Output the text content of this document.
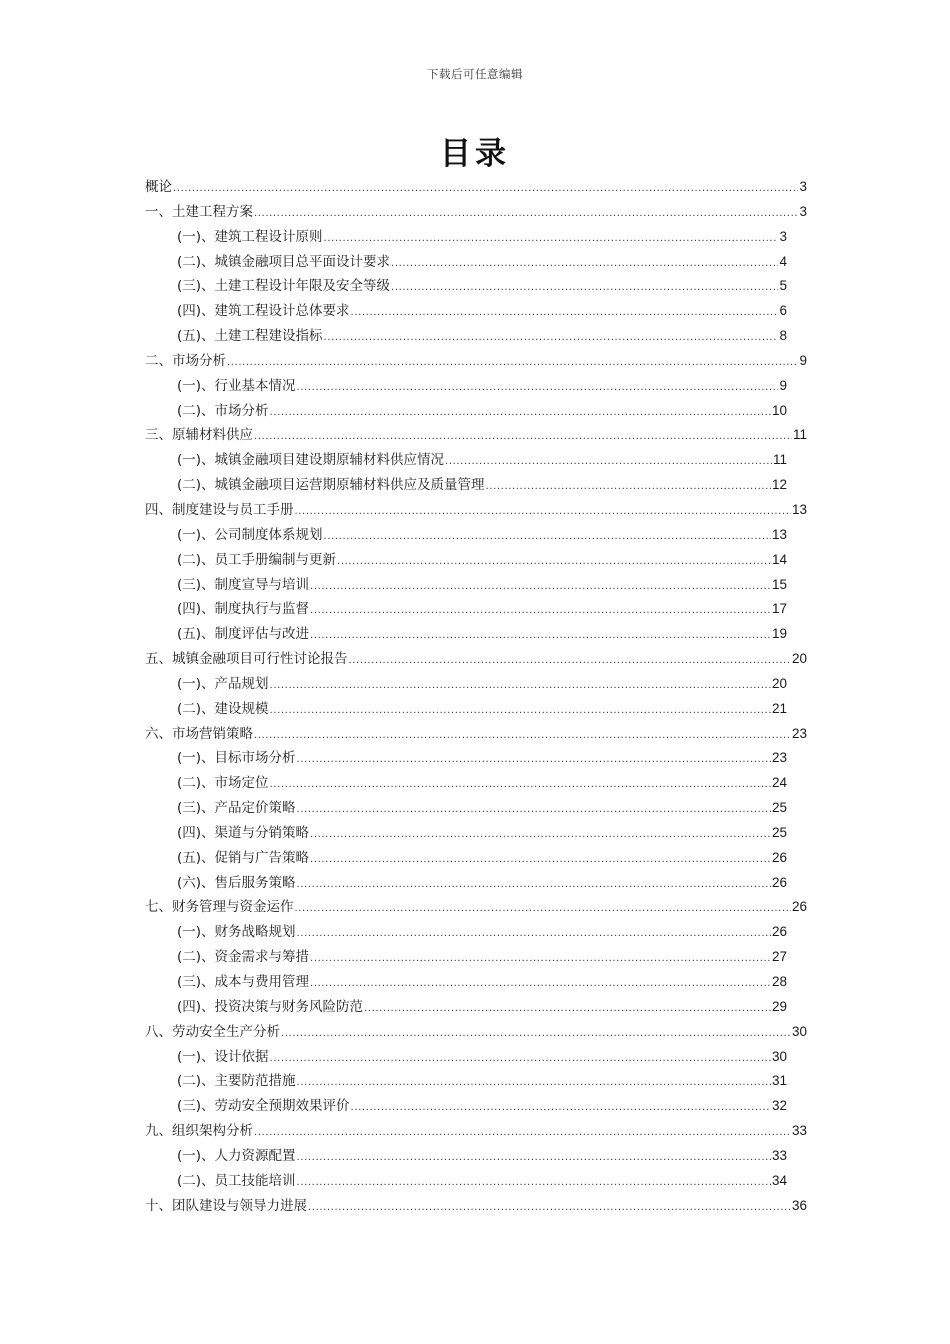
下载后可任意编辑
目录
概论 .....	3
一、土建工程方案 .....	3
(一)、建筑工程设计原则 .....	3
(二)、城镇金融项目总平面设计要求 .....	4
(三)、土建工程设计年限及安全等级 .....	5
(四)、建筑工程设计总体要求 .....	6
(五)、土建工程建设指标 .....	8
二、市场分析 .....	9
(一)、行业基本情况 .....	9
(二)、市场分析 .....	10
三、原辅材料供应 .....	11
(一)、城镇金融项目建设期原辅材料供应情况 .....	11
(二)、城镇金融项目运营期原辅材料供应及质量管理 .....	12
四、制度建设与员工手册 .....	13
(一)、公司制度体系规划 .....	13
(二)、员工手册编制与更新 .....	14
(三)、制度宣导与培训 .....	15
(四)、制度执行与监督 .....	17
(五)、制度评估与改进 .....	19
五、城镇金融项目可行性讨论报告 .....	20
(一)、产品规划 .....	20
(二)、建设规模 .....	21
六、市场营销策略 .....	23
(一)、目标市场分析 .....	23
(二)、市场定位 .....	24
(三)、产品定价策略 .....	25
(四)、渠道与分销策略 .....	25
(五)、促销与广告策略 .....	26
(六)、售后服务策略 .....	26
七、财务管理与资金运作 .....	26
(一)、财务战略规划 .....	26
(二)、资金需求与筹措 .....	27
(三)、成本与费用管理 .....	28
(四)、投资决策与财务风险防范 .....	29
八、劳动安全生产分析 .....	30
(一)、设计依据 .....	30
(二)、主要防范措施 .....	31
(三)、劳动安全预期效果评价 .....	32
九、组织架构分析 .....	33
(一)、人力资源配置 .....	33
(二)、员工技能培训 .....	34
十、团队建设与领导力进展 .....	36
